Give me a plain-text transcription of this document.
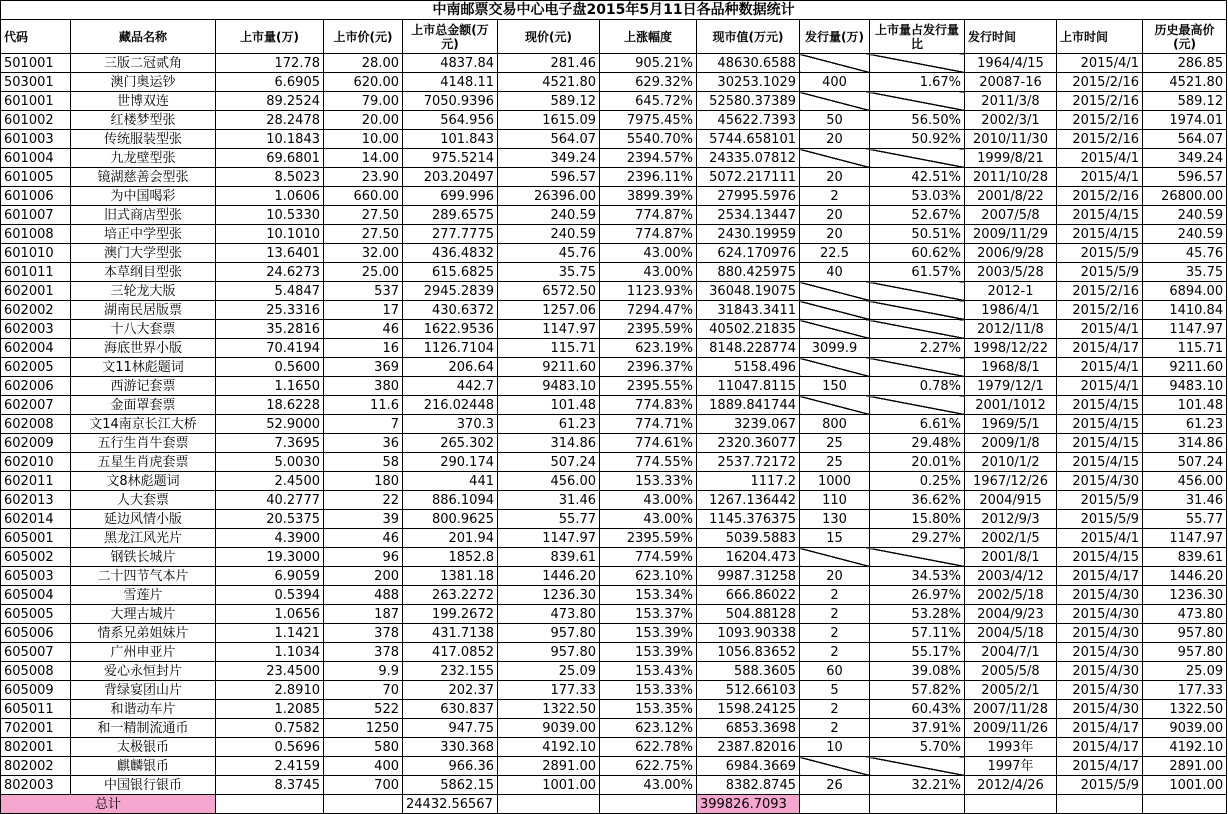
中南邮票交易中心电子盘2015年5月11日各品种数据统计												
代码	藏品名称	上市量(万)	上市价(元)	上市总金额(万元)	现价(元)	上涨幅度	现市值(万元)	发行量(万)	上市量占发行量比	发行时间	上市时间	历史最高价(元)
501001	三版二冠贰角	172.78	28.00	4837.84	281.46	905.21%	48630.6588			1964/4/15	2015/4/1	286.85
503001	澳门奥运钞	6.6905	620.00	4148.11	4521.80	629.32%	30253.1029	400	1.67%	20087-16	2015/2/16	4521.80
601001	世博双连	89.2524	79.00	7050.9396	589.12	645.72%	52580.37389			2011/3/8	2015/2/16	589.12
601002	红楼梦型张	28.2478	20.00	564.956	1615.09	7975.45%	45622.7393	50	56.50%	2002/3/1	2015/2/16	1974.01
601003	传统服装型张	10.1843	10.00	101.843	564.07	5540.70%	5744.658101	20	50.92%	2010/11/30	2015/2/16	564.07
601004	九龙壁型张	69.6801	14.00	975.5214	349.24	2394.57%	24335.07812			1999/8/21	2015/4/1	349.24
601005	镜湖慈善会型张	8.5023	23.90	203.20497	596.57	2396.11%	5072.217111	20	42.51%	2011/10/28	2015/4/1	596.57
601006	为中国喝彩	1.0606	660.00	699.996	26396.00	3899.39%	27995.5976	2	53.03%	2001/8/22	2015/2/16	26800.00
601007	旧式商店型张	10.5330	27.50	289.6575	240.59	774.87%	2534.13447	20	52.67%	2007/5/8	2015/4/15	240.59
601008	培正中学型张	10.1010	27.50	277.7775	240.59	774.87%	2430.19959	20	50.51%	2009/11/29	2015/4/15	240.59
601010	澳门大学型张	13.6401	32.00	436.4832	45.76	43.00%	624.170976	22.5	60.62%	2006/9/28	2015/5/9	45.76
601011	本草纲目型张	24.6273	25.00	615.6825	35.75	43.00%	880.425975	40	61.57%	2003/5/28	2015/5/9	35.75
602001	三轮龙大版	5.4847	537	2945.2839	6572.50	1123.93%	36048.19075			2012-1	2015/2/16	6894.00
602002	湖南民居版票	25.3316	17	430.6372	1257.06	7294.47%	31843.3411			1986/4/1	2015/2/16	1410.84
602003	十八大套票	35.2816	46	1622.9536	1147.97	2395.59%	40502.21835			2012/11/8	2015/4/1	1147.97
602004	海底世界小版	70.4194	16	1126.7104	115.71	623.19%	8148.228774	3099.9	2.27%	1998/12/22	2015/4/17	115.71
602005	文11林彪题词	0.5600	369	206.64	9211.60	2396.37%	5158.496			1968/8/1	2015/4/1	9211.60
602006	西游记套票	1.1650	380	442.7	9483.10	2395.55%	11047.8115	150	0.78%	1979/12/1	2015/4/1	9483.10
602007	金面罩套票	18.6228	11.6	216.02448	101.48	774.83%	1889.841744			2001/1012	2015/4/15	101.48
602008	文14南京长江大桥	52.9000	7	370.3	61.23	774.71%	3239.067	800	6.61%	1969/5/1	2015/4/15	61.23
602009	五行生肖牛套票	7.3695	36	265.302	314.86	774.61%	2320.36077	25	29.48%	2009/1/8	2015/4/15	314.86
602010	五星生肖虎套票	5.0030	58	290.174	507.24	774.55%	2537.72172	25	20.01%	2010/1/2	2015/4/15	507.24
602011	文8林彪题词	2.4500	180	441	456.00	153.33%	1117.2	1000	0.25%	1967/12/26	2015/4/30	456.00
602013	人大套票	40.2777	22	886.1094	31.46	43.00%	1267.136442	110	36.62%	2004/915	2015/5/9	31.46
602014	延边风情小版	20.5375	39	800.9625	55.77	43.00%	1145.376375	130	15.80%	2012/9/3	2015/5/9	55.77
605001	黑龙江风光片	4.3900	46	201.94	1147.97	2395.59%	5039.5883	15	29.27%	2002/1/5	2015/4/1	1147.97
605002	钢铁长城片	19.3000	96	1852.8	839.61	774.59%	16204.473			2001/8/1	2015/4/15	839.61
605003	二十四节气本片	6.9059	200	1381.18	1446.20	623.10%	9987.31258	20	34.53%	2003/4/12	2015/4/17	1446.20
605004	雪莲片	0.5394	488	263.2272	1236.30	153.34%	666.86022	2	26.97%	2002/5/18	2015/4/30	1236.30
605005	大理古城片	1.0656	187	199.2672	473.80	153.37%	504.88128	2	53.28%	2004/9/23	2015/4/30	473.80
605006	情系兄弟姐妹片	1.1421	378	431.7138	957.80	153.39%	1093.90338	2	57.11%	2004/5/18	2015/4/30	957.80
605007	广州申亚片	1.1034	378	417.0852	957.80	153.39%	1056.83652	2	55.17%	2004/7/1	2015/4/30	957.80
605008	爱心永恒封片	23.4500	9.9	232.155	25.09	153.43%	588.3605	60	39.08%	2005/5/8	2015/4/30	25.09
605009	背绿宴团山片	2.8910	70	202.37	177.33	153.33%	512.66103	5	57.82%	2005/2/1	2015/4/30	177.33
605011	和谐动车片	1.2085	522	630.837	1322.50	153.35%	1598.24125	2	60.43%	2007/11/28	2015/4/30	1322.50
702001	和一精制流通币	0.7582	1250	947.75	9039.00	623.12%	6853.3698	2	37.91%	2009/11/26	2015/4/17	9039.00
802001	太极银币	0.5696	580	330.368	4192.10	622.78%	2387.82016	10	5.70%	1993年	2015/4/17	4192.10
802002	麒麟银币	2.4159	400	966.36	2891.00	622.75%	6984.3669			1997年	2015/4/17	2891.00
802003	中国银行银币	8.3745	700	5862.15	1001.00	43.00%	8382.8745	26	32.21%	2012/4/26	2015/5/9	1001.00
总计				24432.56567			399826.7093					
